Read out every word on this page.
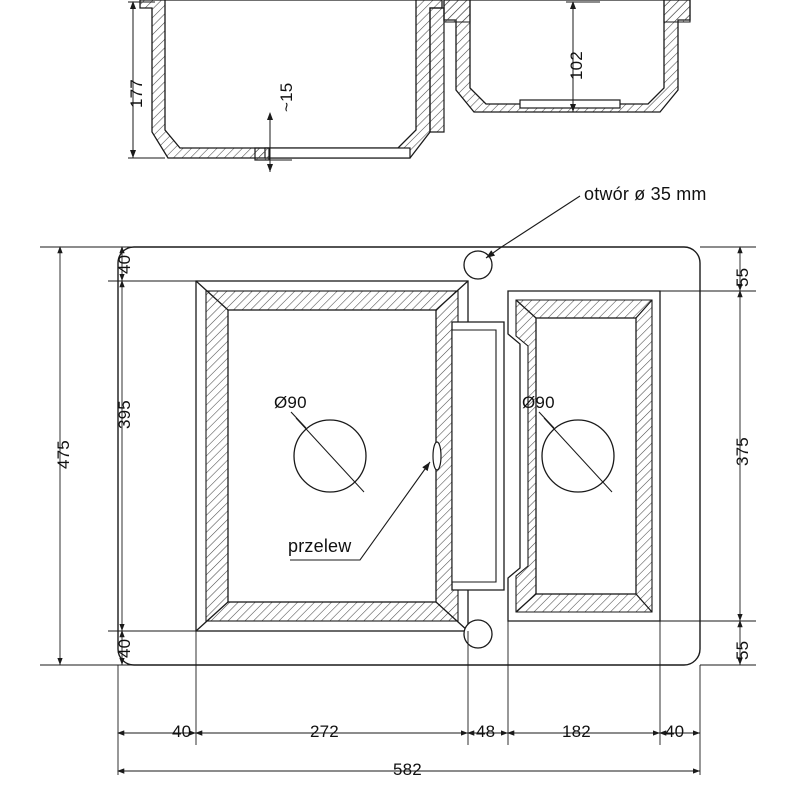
177	~15
102
otwór ø 35 mm
przelew
Ø90	Ø90
40
395
40
475
55
375
55
40	272	48	182	40
582
